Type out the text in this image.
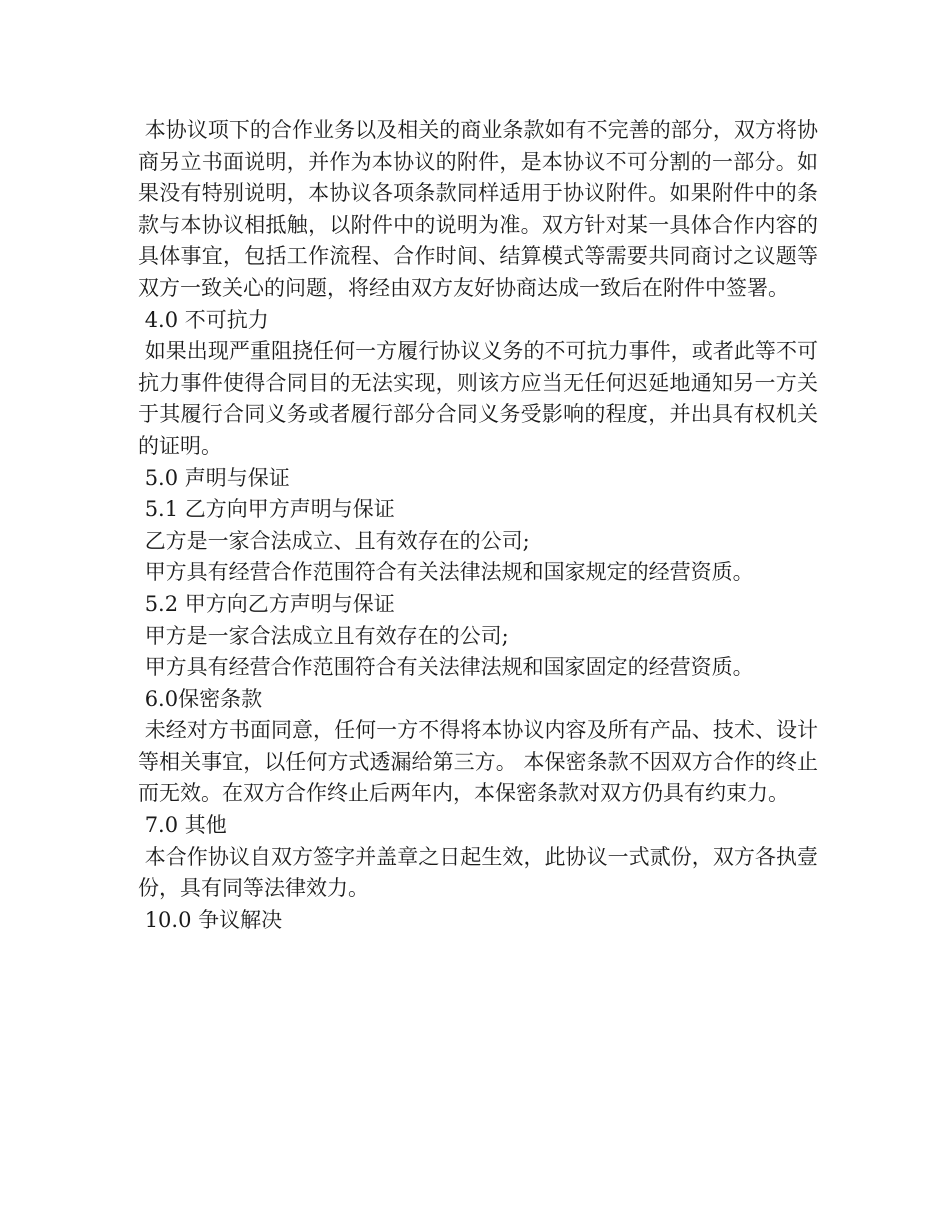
本协议项下的合作业务以及相关的商业条款如有不完善的部分，双方将协商另立书面说明，并作为本协议的附件，是本协议不可分割的一部分。如果没有特别说明，本协议各项条款同样适用于协议附件。如果附件中的条款与本协议相抵触，以附件中的说明为准。双方针对某一具体合作内容的具体事宜，包括工作流程、合作时间、结算模式等需要共同商讨之议题等双方一致关心的问题，将经由双方友好协商达成一致后在附件中签署。

4.0 不可抗力

如果出现严重阻挠任何一方履行协议义务的不可抗力事件，或者此等不可抗力事件使得合同目的无法实现，则该方应当无任何迟延地通知另一方关于其履行合同义务或者履行部分合同义务受影响的程度，并出具有权机关的证明。

5.0 声明与保证

5.1 乙方向甲方声明与保证

乙方是一家合法成立、且有效存在的公司;

甲方具有经营合作范围符合有关法律法规和国家规定的经营资质。

5.2 甲方向乙方声明与保证

甲方是一家合法成立且有效存在的公司;

甲方具有经营合作范围符合有关法律法规和国家固定的经营资质。

6.0保密条款

未经对方书面同意，任何一方不得将本协议内容及所有产品、技术、设计等相关事宜，以任何方式透漏给第三方。 本保密条款不因双方合作的终止而无效。在双方合作终止后两年内，本保密条款对双方仍具有约束力。

7.0 其他

本合作协议自双方签字并盖章之日起生效，此协议一式贰份，双方各执壹份，具有同等法律效力。

10.0 争议解决
